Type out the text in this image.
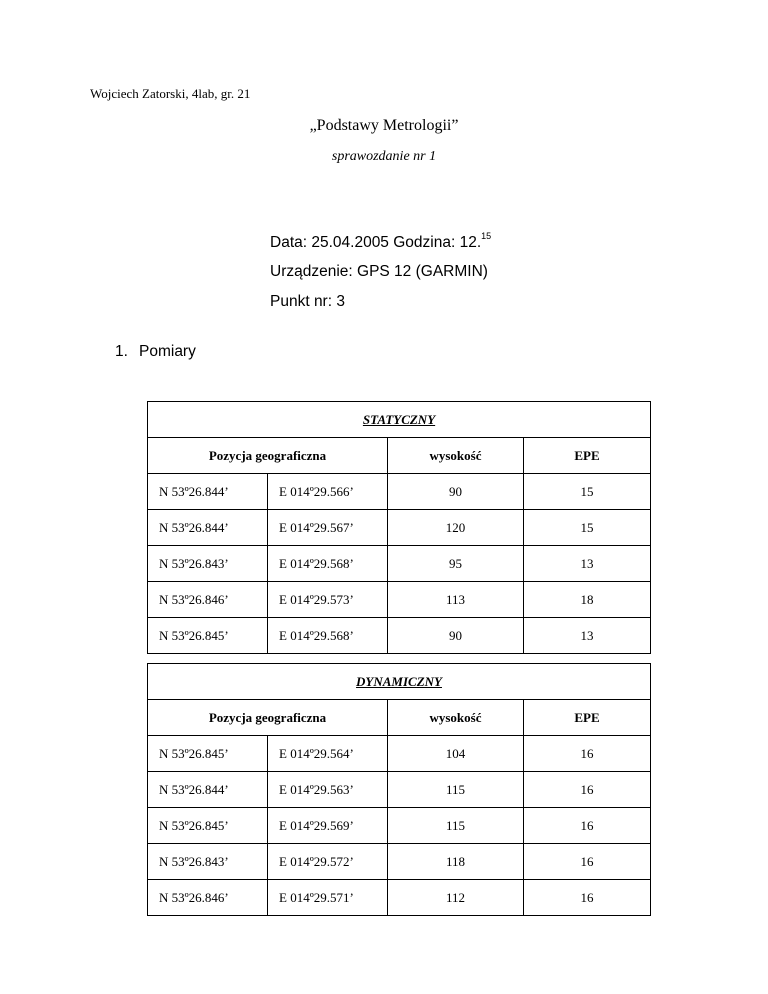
Wojciech Zatorski, 4lab, gr. 21
„Podstawy Metrologii”
sprawozdanie nr 1
Data: 25.04.2005 Godzina: 12.15
Urządzenie: GPS 12 (GARMIN)
Punkt nr: 3
1. Pomiary
STATYCZNY			
Pozycja geograficzna		wysokość	EPE
N 53º26.844’	E 014º29.566’	90	15
N 53º26.844’	E 014º29.567’	120	15
N 53º26.843’	E 014º29.568’	95	13
N 53º26.846’	E 014º29.573’	113	18
N 53º26.845’	E 014º29.568’	90	13
DYNAMICZNY			
Pozycja geograficzna		wysokość	EPE
N 53º26.845’	E 014º29.564’	104	16
N 53º26.844’	E 014º29.563’	115	16
N 53º26.845’	E 014º29.569’	115	16
N 53º26.843’	E 014º29.572’	118	16
N 53º26.846’	E 014º29.571’	112	16
